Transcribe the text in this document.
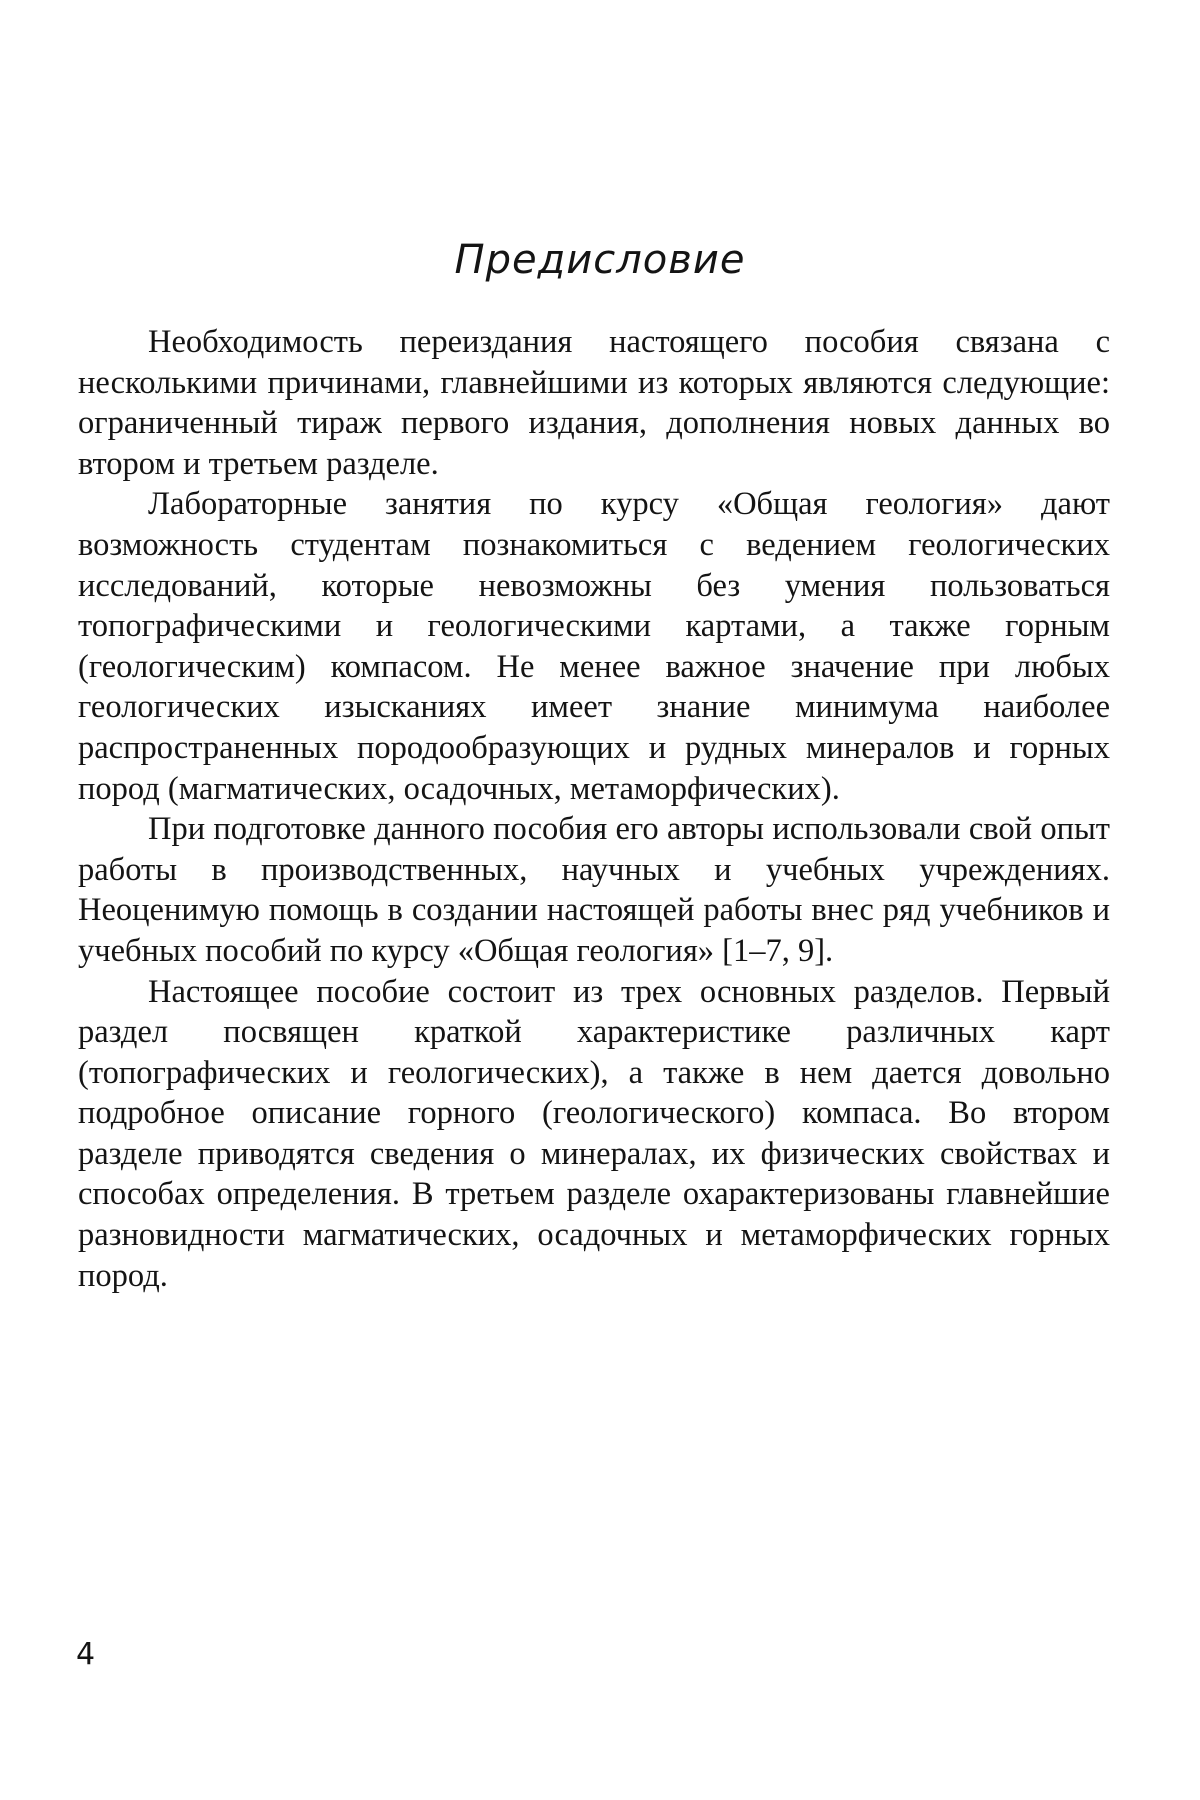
Предисловие

Необходимость переиздания настоящего пособия связана с несколькими причинами, главнейшими из которых являются следующие: ограниченный тираж первого издания, дополнения новых данных во втором и третьем разделе.

Лабораторные занятия по курсу «Общая геология» дают возможность студентам познакомиться с ведением геологических исследований, которые невозможны без умения пользоваться топографическими и геологическими картами, а также горным (геологическим) компасом. Не менее важное значение при любых геологических изысканиях имеет знание минимума наиболее распространенных породообразующих и рудных минералов и горных пород (магматических, осадочных, метаморфических).

При подготовке данного пособия его авторы использовали свой опыт работы в производственных, научных и учебных учреждениях. Неоценимую помощь в создании настоящей работы внес ряд учебников и учебных пособий по курсу «Общая геология» [1–7, 9].

Настоящее пособие состоит из трех основных разделов. Первый раздел посвящен краткой характеристике различных карт (топографических и геологических), а также в нем дается довольно подробное описание горного (геологического) компаса. Во втором разделе приводятся сведения о минералах, их физических свойствах и способах определения. В третьем разделе охарактеризованы главнейшие разновидности магматических, осадочных и метаморфических горных пород.

4
